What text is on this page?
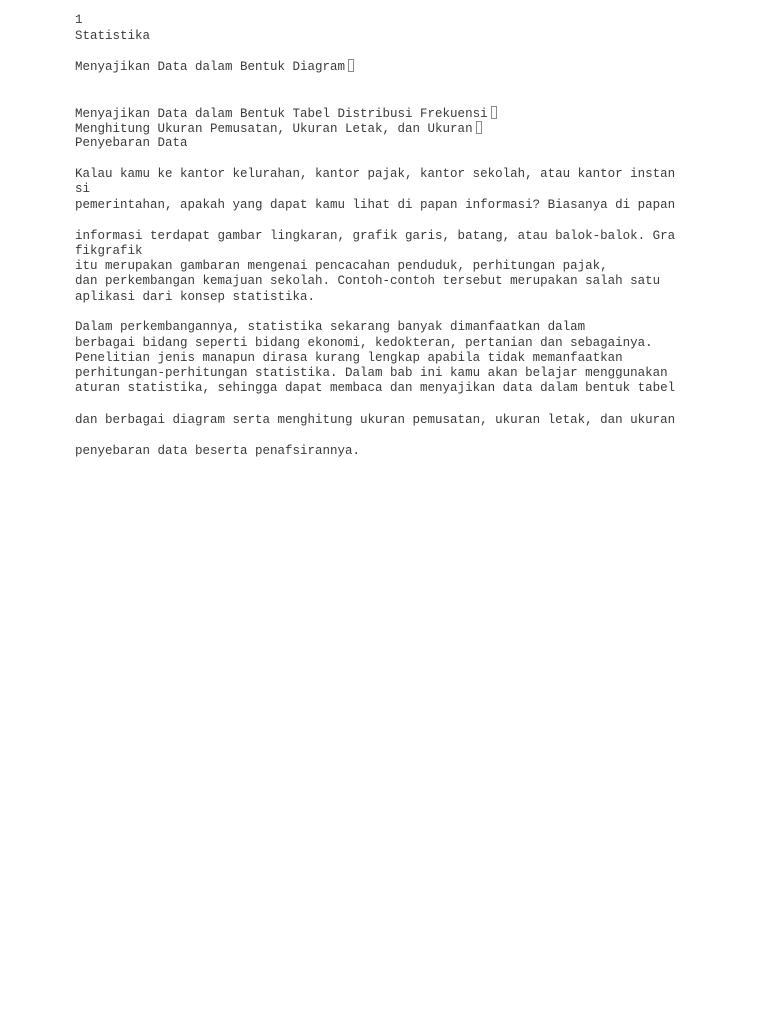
1

Statistika

Menyajikan Data dalam Bentuk Diagram

Menyajikan Data dalam Bentuk Tabel Distribusi Frekuensi

Menghitung Ukuran Pemusatan, Ukuran Letak, dan Ukuran

Penyebaran Data

Kalau kamu ke kantor kelurahan, kantor pajak, kantor sekolah, atau kantor instan

si

pemerintahan, apakah yang dapat kamu lihat di papan informasi? Biasanya di papan

informasi terdapat gambar lingkaran, grafik garis, batang, atau balok-balok. Gra

fikgrafik

itu merupakan gambaran mengenai pencacahan penduduk, perhitungan pajak,

dan perkembangan kemajuan sekolah. Contoh-contoh tersebut merupakan salah satu

aplikasi dari konsep statistika.

Dalam perkembangannya, statistika sekarang banyak dimanfaatkan dalam

berbagai bidang seperti bidang ekonomi, kedokteran, pertanian dan sebagainya.

Penelitian jenis manapun dirasa kurang lengkap apabila tidak memanfaatkan

perhitungan-perhitungan statistika. Dalam bab ini kamu akan belajar menggunakan

aturan statistika, sehingga dapat membaca dan menyajikan data dalam bentuk tabel

dan berbagai diagram serta menghitung ukuran pemusatan, ukuran letak, dan ukuran

penyebaran data beserta penafsirannya.
